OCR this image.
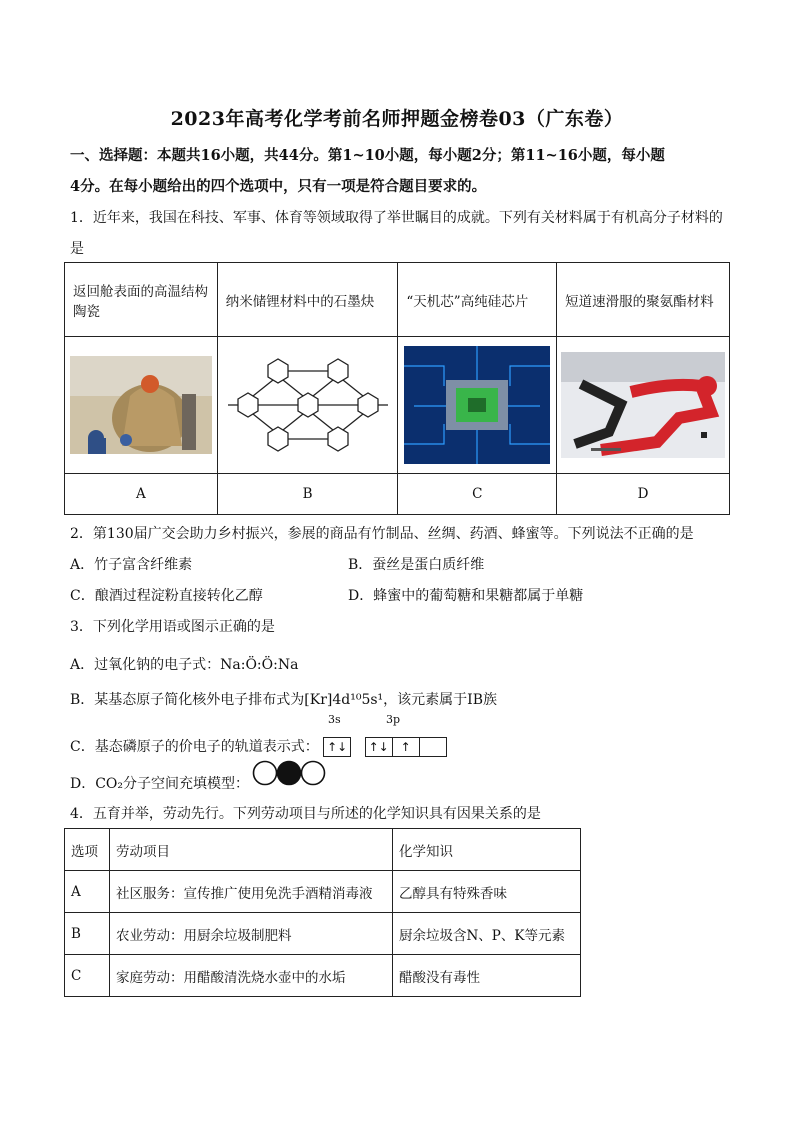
2023年高考化学考前名师押题金榜卷03（广东卷）
一、选择题：本题共16小题，共44分。第1~10小题，每小题2分；第11~16小题，每小题
4分。在每小题给出的四个选项中，只有一项是符合题目要求的。
1．近年来，我国在科技、军事、体育等领域取得了举世瞩目的成就。下列有关材料属于有机高分子材料的
是
返回舱表面的高温结构陶瓷	纳米储锂材料中的石墨炔	“天机芯”高纯硅芯片	短道速滑服的聚氨酯材料

A	B	C	D
2．第130届广交会助力乡村振兴，参展的商品有竹制品、丝绸、药酒、蜂蜜等。下列说法不正确的是
A．竹子富含纤维素	B．蚕丝是蛋白质纤维
C．酿酒过程淀粉直接转化乙醇	D．蜂蜜中的葡萄糖和果糖都属于单糖
3．下列化学用语或图示正确的是
A．过氧化钠的电子式：Na:Ö:Ö:Na
B．某基态原子简化核外电子排布式为[Kr]4d¹⁰5s¹，该元素属于IB族
3s	3p
C．基态磷原子的价电子的轨道表示式： ↑↓
	↑↓ ↑
D．CO₂分子空间充填模型：
4．五育并举，劳动先行。下列劳动项目与所述的化学知识具有因果关系的是
选项	劳动项目	化学知识
A	社区服务：宣传推广使用免洗手酒精消毒液	乙醇具有特殊香味
B	农业劳动：用厨余垃圾制肥料	厨余垃圾含N、P、K等元素
C	家庭劳动：用醋酸清洗烧水壶中的水垢	醋酸没有毒性
